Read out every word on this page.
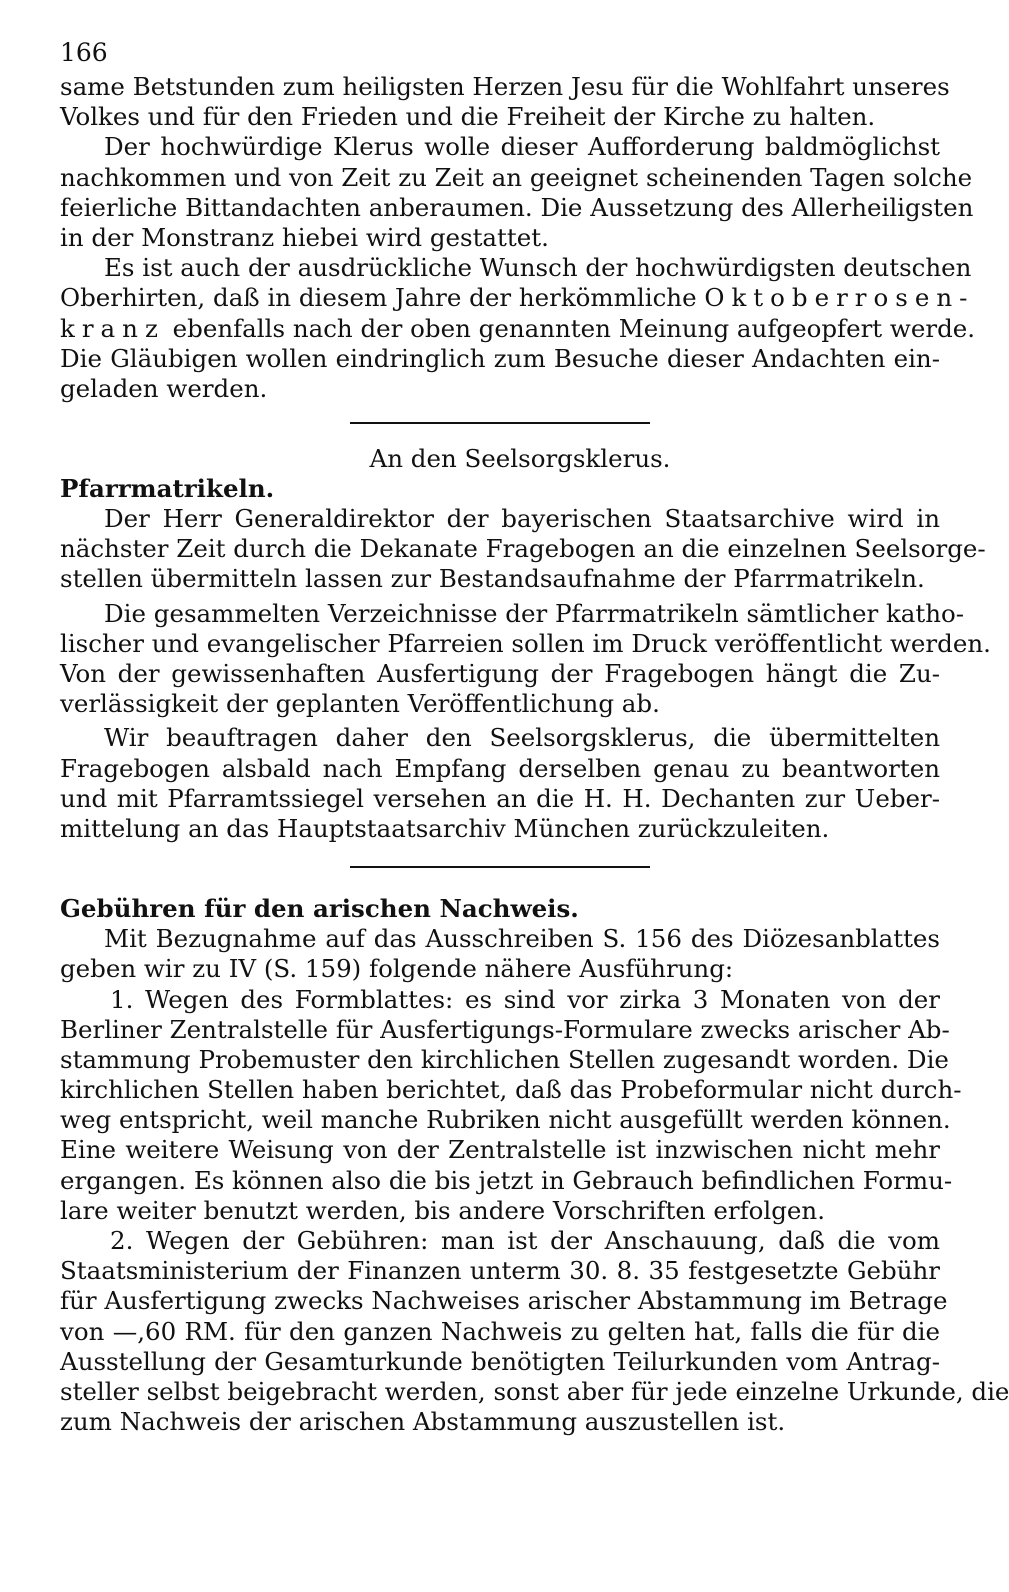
166
same Betstunden zum heiligsten Herzen Jesu für die Wohlfahrt unseres
Volkes und für den Frieden und die Freiheit der Kirche zu halten.
Der hochwürdige Klerus wolle dieser Aufforderung baldmöglichst
nachkommen und von Zeit zu Zeit an geeignet scheinenden Tagen solche
feierliche Bittandachten anberaumen. Die Aussetzung des Allerheiligsten
in der Monstranz hiebei wird gestattet.
Es ist auch der ausdrückliche Wunsch der hochwürdigsten deutschen
Oberhirten, daß in diesem Jahre der herkömmliche Oktoberrosen-
kranz ebenfalls nach der oben genannten Meinung aufgeopfert werde.
Die Gläubigen wollen eindringlich zum Besuche dieser Andachten ein-
geladen werden.
An den Seelsorgsklerus.
Pfarrmatrikeln.
Der Herr Generaldirektor der bayerischen Staatsarchive wird in
nächster Zeit durch die Dekanate Fragebogen an die einzelnen Seelsorge-
stellen übermitteln lassen zur Bestandsaufnahme der Pfarrmatrikeln.
Die gesammelten Verzeichnisse der Pfarrmatrikeln sämtlicher katho-
lischer und evangelischer Pfarreien sollen im Druck veröffentlicht werden.
Von der gewissenhaften Ausfertigung der Fragebogen hängt die Zu-
verlässigkeit der geplanten Veröffentlichung ab.
Wir beauftragen daher den Seelsorgsklerus, die übermittelten
Fragebogen alsbald nach Empfang derselben genau zu beantworten
und mit Pfarramtssiegel versehen an die H. H. Dechanten zur Ueber-
mittelung an das Hauptstaatsarchiv München zurückzuleiten.
Gebühren für den arischen Nachweis.
Mit Bezugnahme auf das Ausschreiben S. 156 des Diözesanblattes
geben wir zu IV (S. 159) folgende nähere Ausführung:
1. Wegen des Formblattes: es sind vor zirka 3 Monaten von der
Berliner Zentralstelle für Ausfertigungs-Formulare zwecks arischer Ab-
stammung Probemuster den kirchlichen Stellen zugesandt worden. Die
kirchlichen Stellen haben berichtet, daß das Probeformular nicht durch-
weg entspricht, weil manche Rubriken nicht ausgefüllt werden können.
Eine weitere Weisung von der Zentralstelle ist inzwischen nicht mehr
ergangen. Es können also die bis jetzt in Gebrauch befindlichen Formu-
lare weiter benutzt werden, bis andere Vorschriften erfolgen.
2. Wegen der Gebühren: man ist der Anschauung, daß die vom
Staatsministerium der Finanzen unterm 30. 8. 35 festgesetzte Gebühr
für Ausfertigung zwecks Nachweises arischer Abstammung im Betrage
von —,60 RM. für den ganzen Nachweis zu gelten hat, falls die für die
Ausstellung der Gesamturkunde benötigten Teilurkunden vom Antrag-
steller selbst beigebracht werden, sonst aber für jede einzelne Urkunde, die
zum Nachweis der arischen Abstammung auszustellen ist.
